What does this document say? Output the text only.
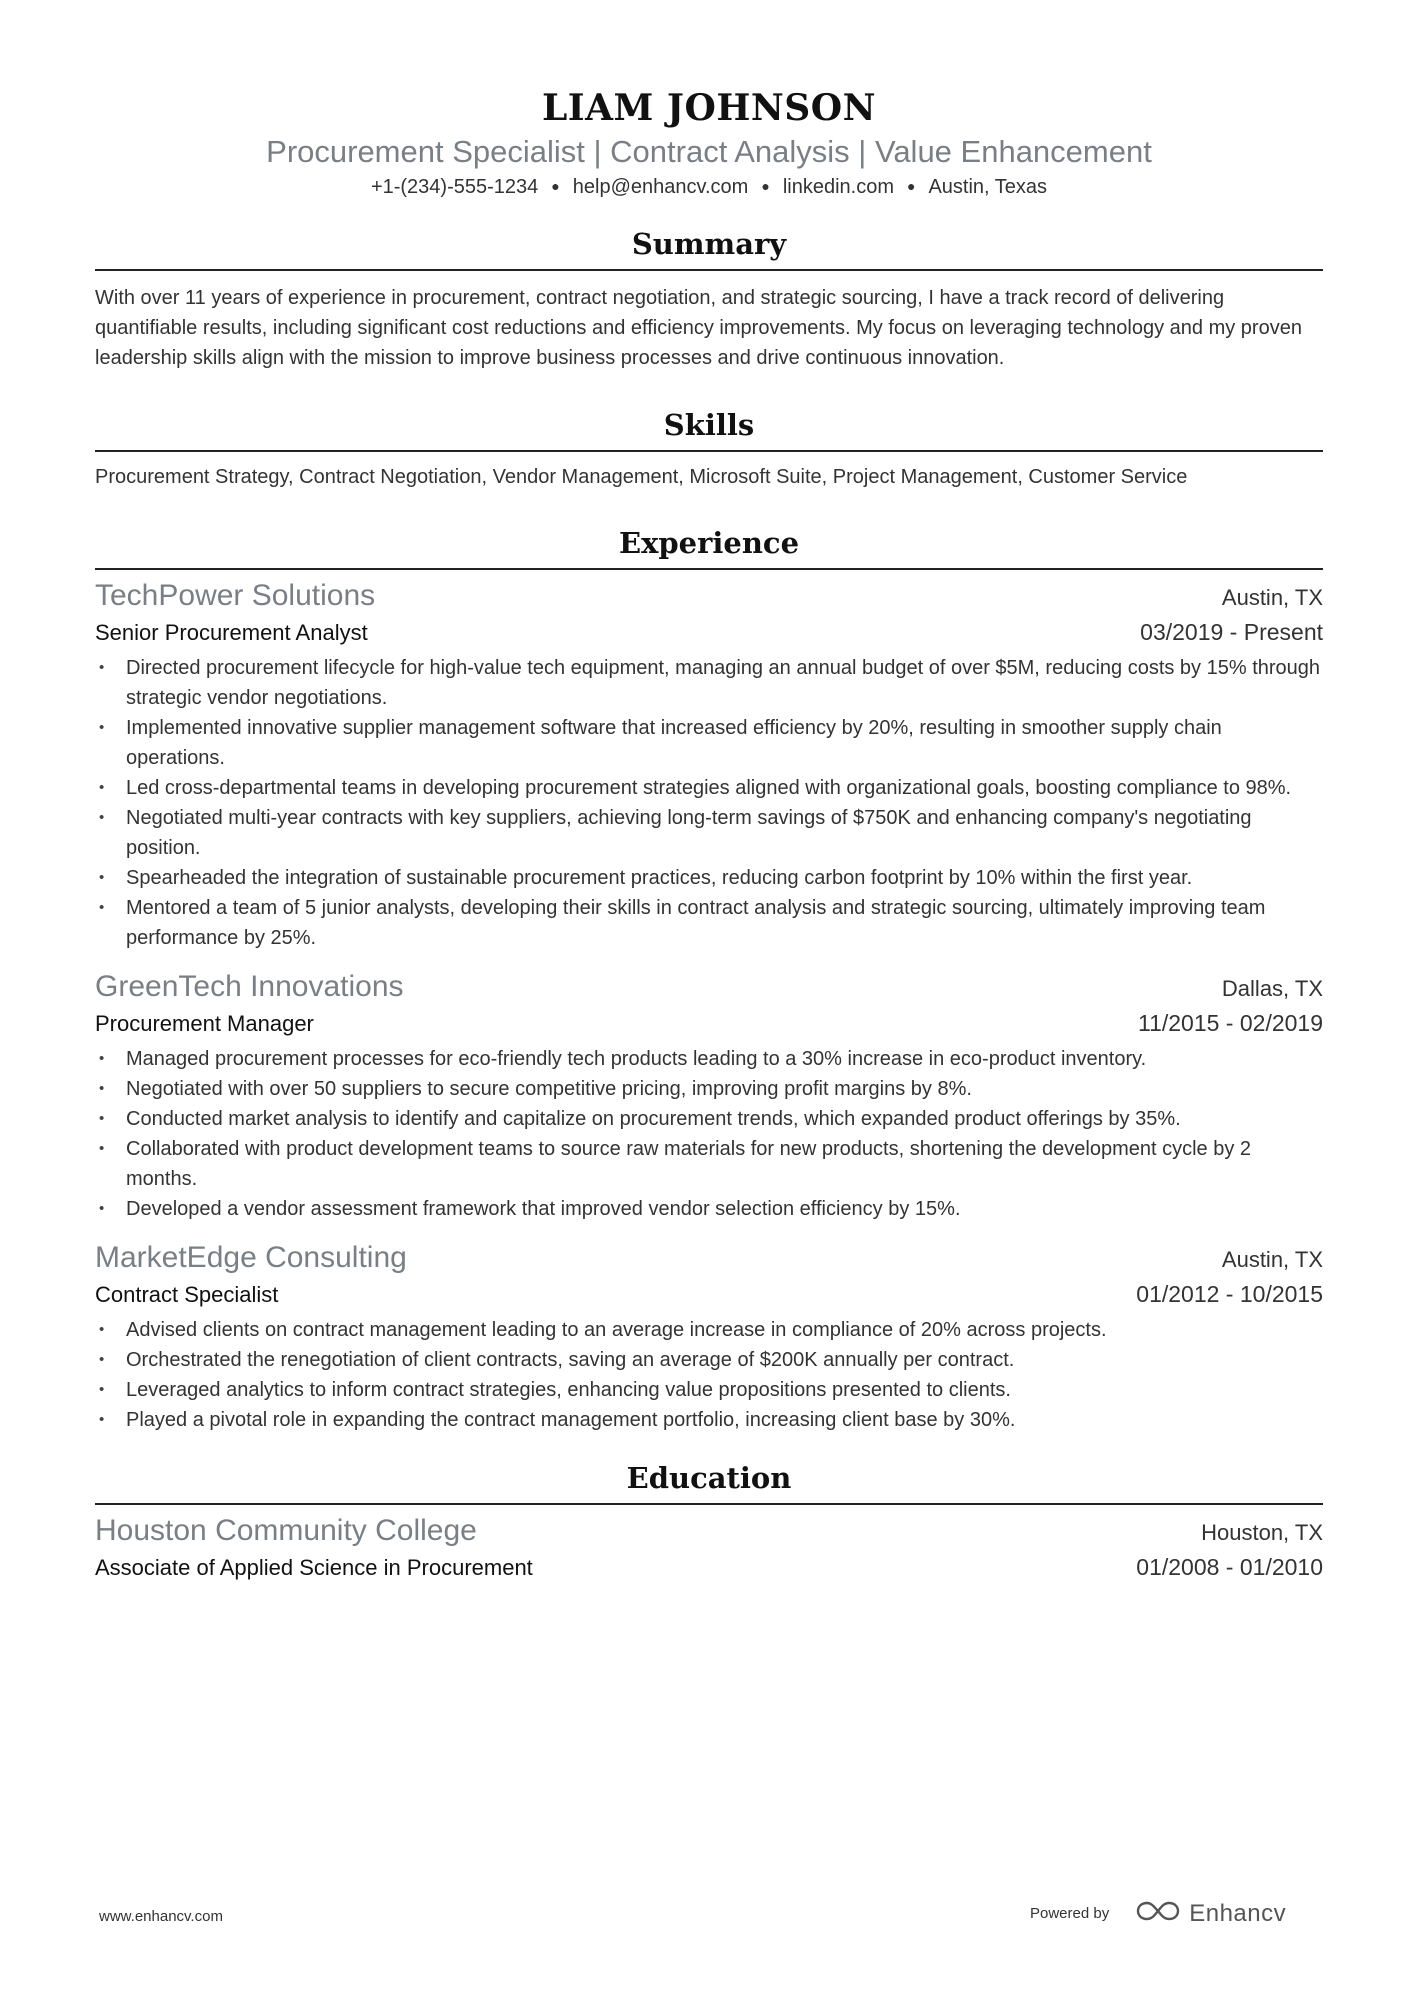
LIAM JOHNSON
Procurement Specialist | Contract Analysis | Value Enhancement
+1-(234)-555-1234 ● help@enhancv.com ● linkedin.com ● Austin, Texas
Summary

With over 11 years of experience in procurement, contract negotiation, and strategic sourcing, I have a track record of delivering quantifiable results, including significant cost reductions and efficiency improvements. My focus on leveraging technology and my proven leadership skills align with the mission to improve business processes and drive continuous innovation.

Skills

Procurement Strategy, Contract Negotiation, Vendor Management, Microsoft Suite, Project Management, Customer Service

Experience
TechPower Solutions	Austin, TX
Senior Procurement Analyst	03/2019 - Present
• Directed procurement lifecycle for high-value tech equipment, managing an annual budget of over $5M, reducing costs by 15% through strategic vendor negotiations.
• Implemented innovative supplier management software that increased efficiency by 20%, resulting in smoother supply chain operations.
• Led cross-departmental teams in developing procurement strategies aligned with organizational goals, boosting compliance to 98%.
• Negotiated multi-year contracts with key suppliers, achieving long-term savings of $750K and enhancing company's negotiating position.
• Spearheaded the integration of sustainable procurement practices, reducing carbon footprint by 10% within the first year.
• Mentored a team of 5 junior analysts, developing their skills in contract analysis and strategic sourcing, ultimately improving team performance by 25%.
GreenTech Innovations	Dallas, TX
Procurement Manager	11/2015 - 02/2019
• Managed procurement processes for eco-friendly tech products leading to a 30% increase in eco-product inventory.
• Negotiated with over 50 suppliers to secure competitive pricing, improving profit margins by 8%.
• Conducted market analysis to identify and capitalize on procurement trends, which expanded product offerings by 35%.
• Collaborated with product development teams to source raw materials for new products, shortening the development cycle by 2 months.
• Developed a vendor assessment framework that improved vendor selection efficiency by 15%.
MarketEdge Consulting	Austin, TX
Contract Specialist	01/2012 - 10/2015
• Advised clients on contract management leading to an average increase in compliance of 20% across projects.
• Orchestrated the renegotiation of client contracts, saving an average of $200K annually per contract.
• Leveraged analytics to inform contract strategies, enhancing value propositions presented to clients.
• Played a pivotal role in expanding the contract management portfolio, increasing client base by 30%.
Education
Houston Community College	Houston, TX
Associate of Applied Science in Procurement	01/2008 - 01/2010
www.enhancv.com	Powered by	Enhancv
